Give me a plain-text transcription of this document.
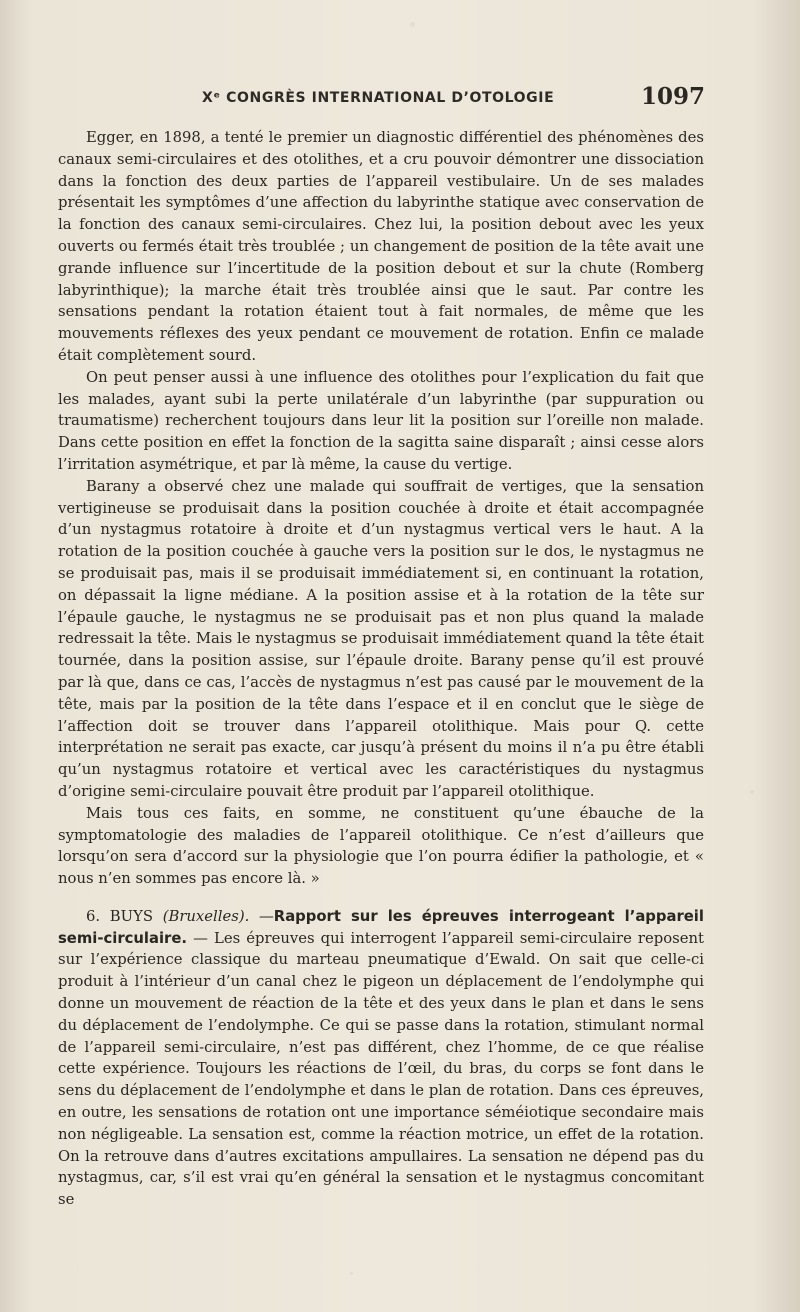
Xᵉ CONGRÈS INTERNATIONAL D’OTOLOGIE	1097

Egger, en 1898, a tenté le premier un diagnostic différentiel des phénomènes des canaux semi-circulaires et des otolithes, et a cru pouvoir démontrer une dissociation dans la fonction des deux parties de l’appareil vestibulaire. Un de ses malades présentait les symptômes d’une affection du labyrinthe statique avec conservation de la fonction des canaux semi-circulaires. Chez lui, la position debout avec les yeux ouverts ou fermés était très troublée ; un changement de position de la tête avait une grande influence sur l’incertitude de la position debout et sur la chute (Romberg labyrinthique); la marche était très troublée ainsi que le saut. Par contre les sensations pendant la rotation étaient tout à fait normales, de même que les mouvements réflexes des yeux pendant ce mouvement de rotation. Enfin ce malade était complètement sourd.

On peut penser aussi à une influence des otolithes pour l’explication du fait que les malades, ayant subi la perte unilatérale d’un labyrinthe (par suppuration ou traumatisme) recherchent toujours dans leur lit la position sur l’oreille non malade. Dans cette position en effet la fonction de la sagitta saine disparaît ; ainsi cesse alors l’irritation asymétrique, et par là même, la cause du vertige.

Barany a observé chez une malade qui souffrait de vertiges, que la sensation vertigineuse se produisait dans la position couchée à droite et était accompagnée d’un nystagmus rotatoire à droite et d’un nystagmus vertical vers le haut. A la rotation de la position couchée à gauche vers la position sur le dos, le nystagmus ne se produisait pas, mais il se produisait immédiatement si, en continuant la rotation, on dépassait la ligne médiane. A la position assise et à la rotation de la tête sur l’épaule gauche, le nystagmus ne se produisait pas et non plus quand la malade redressait la tête. Mais le nystagmus se produisait immédiatement quand la tête était tournée, dans la position assise, sur l’épaule droite. Barany pense qu’il est prouvé par là que, dans ce cas, l’accès de nystagmus n’est pas causé par le mouvement de la tête, mais par la position de la tête dans l’espace et il en conclut que le siège de l’affection doit se trouver dans l’appareil otolithique. Mais pour Q. cette interprétation ne serait pas exacte, car jusqu’à présent du moins il n’a pu être établi qu’un nystagmus rotatoire et vertical avec les caractéristiques du nystagmus d’origine semi-circulaire pouvait être produit par l’appareil otolithique.

Mais tous ces faits, en somme, ne constituent qu’une ébauche de la symptomatologie des maladies de l’appareil otolithique. Ce n’est d’ailleurs que lorsqu’on sera d’accord sur la physiologie que l’on pourra édifier la pathologie, et « nous n’en sommes pas encore là. »

6. BUYS (Bruxelles). —Rapport sur les épreuves interrogeant l’appareil semi-circulaire. — Les épreuves qui interrogent l’appareil semi-circulaire reposent sur l’expérience classique du marteau pneumatique d’Ewald. On sait que celle-ci produit à l’intérieur d’un canal chez le pigeon un déplacement de l’endolymphe qui donne un mouvement de réaction de la tête et des yeux dans le plan et dans le sens du déplacement de l’endolymphe. Ce qui se passe dans la rotation, stimulant normal de l’appareil semi-circulaire, n’est pas différent, chez l’homme, de ce que réalise cette expérience. Toujours les réactions de l’œil, du bras, du corps se font dans le sens du déplacement de l’endolymphe et dans le plan de rotation. Dans ces épreuves, en outre, les sensations de rotation ont une importance séméiotique secondaire mais non négligeable. La sensation est, comme la réaction motrice, un effet de la rotation. On la retrouve dans d’autres excitations ampullaires. La sensation ne dépend pas du nystagmus, car, s’il est vrai qu’en général la sensation et le nystagmus concomitant se
